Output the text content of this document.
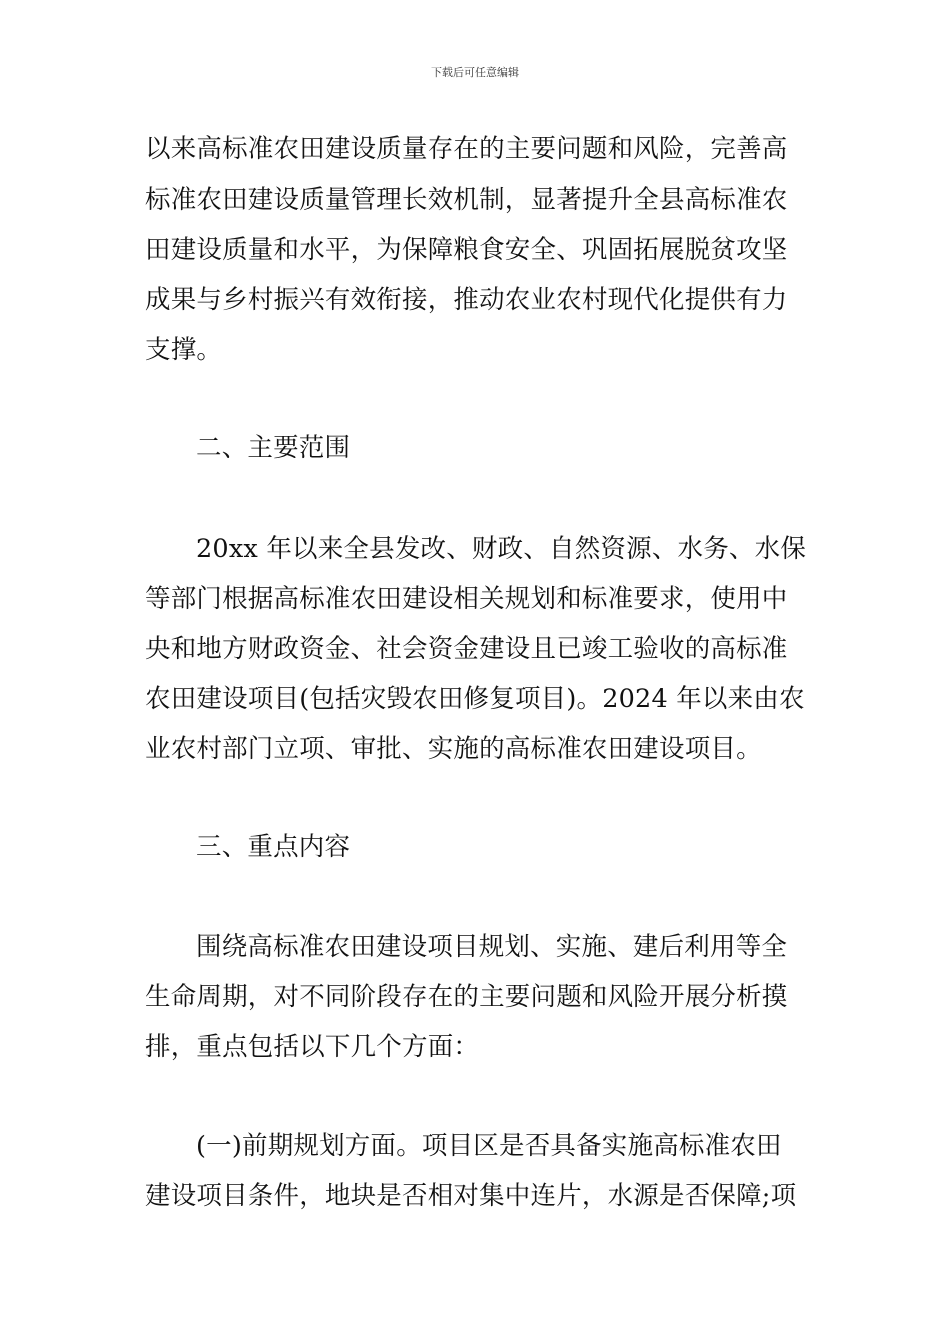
下载后可任意编辑
以来高标准农田建设质量存在的主要问题和风险，完善高
标准农田建设质量管理长效机制，显著提升全县高标准农
田建设质量和水平，为保障粮食安全、巩固拓展脱贫攻坚
成果与乡村振兴有效衔接，推动农业农村现代化提供有力
支撑。
二、主要范围
20xx 年以来全县发改、财政、自然资源、水务、水保
等部门根据高标准农田建设相关规划和标准要求，使用中
央和地方财政资金、社会资金建设且已竣工验收的高标准
农田建设项目(包括灾毁农田修复项目)。2024 年以来由农
业农村部门立项、审批、实施的高标准农田建设项目。
三、重点内容
围绕高标准农田建设项目规划、实施、建后利用等全
生命周期，对不同阶段存在的主要问题和风险开展分析摸
排，重点包括以下几个方面：
(一)前期规划方面。项目区是否具备实施高标准农田
建设项目条件，地块是否相对集中连片，水源是否保障;项
